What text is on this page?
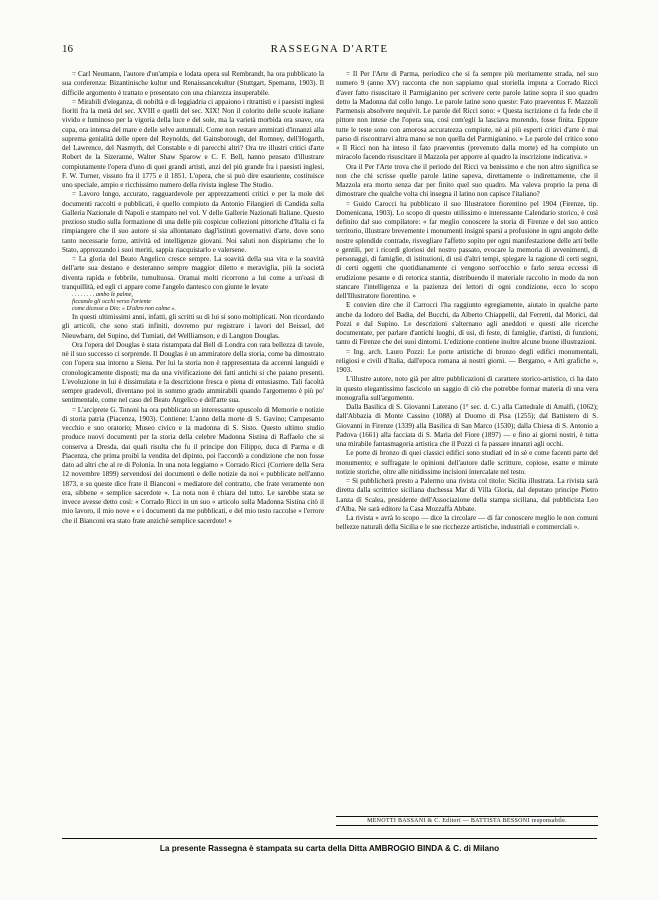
16	RASSEGNA D'ARTE

= Carl Neumann, l'autore d'un'ampia e lodata opera sul Rembrandt, ha ora pubblicato la sua conferenza: Bizantinische kultur und Renaissancekultur (Stuttgart, Spemann, 1903). Il difficile argomento è trattato e presentato con una chiarezza insuperabile.

= Mirabili d'eleganza, di nobiltà e di leggiadria ci appaiono i ritrattisti e i paesisti inglesi fioriti fra la metà del sec. XVIII e quelli del sec. XIX! Non il colorito delle scuole italiane vivido e luminoso per la vigoria della luce e del sole, ma la varietà morbida ora soave, ora cupa, ora intensa del mare e delle selve autunnali. Come non restare ammirati d'innanzi alla suprema genialità delle opere del Reynolds, del Gainsborough, del Romney, dell'Hogarth, del Lawrence, del Nasmyth, del Constable e di parecchi altri? Ora tre illustri critici d'arte Robert de la Sizeranne, Walter Shaw Sparow e C. F. Bell, hanno pensato d'illustrare compiutamente l'opera d'uno di quei grandi artisti, anzi del più grande fra i paesisti inglesi, F. W. Turner, vissuto fra il 1775 e il 1851. L'opera, che si può dire esauriente, costituisce uno speciale, ampio e ricchissimo numero della rivista inglese The Studio.

= Lavoro lungo, accurato, ragguardevole per apprezzamenti critici e per la mole dei documenti raccolti e pubblicati, è quello compiuto da Antonio Filangieri di Candida sulla Galleria Nazionale di Napoli e stampato nel vol. V delle Gallerie Nazionali Italiane. Questo prezioso studio sulla formazione di una delle più cospicue collezioni pittoriche d'Italia ci fa rimpiangere che il suo autore si sia allontanato dagl'istituti governativi d'arte, dove sono tanto necessarie forze, attività ed intelligenze giovani. Noi saluti non dispiriamo che lo Stato, apprezzando i suoi meriti, sappia riacquistarlo e valersene.

= La gloria del Beato Angelico cresce sempre. La soavità della sua vita e la soavità dell'arte sua destano e desteranno sempre maggior diletto e meraviglia, più la società diventa rapida e febbrile, tumultuosa. Oramai molti ricorrono a lui come a un'oasi di tranquillità, ed egli ci appare come l'angelo dantesco con giunte le levate

. . . . . . . . ambo le palme,
ficcando gli occhi verso l'oriente
come dicesse a Dio: « D'altro non calme ».

In questi ultimissimi anni, infatti, gli scritti su di lui si sono moltiplicati. Non ricordando gli articoli, che sono stati infiniti, dovremo pur registrare i lavori del Beissel, del Nieuwbarn, del Supino, del Tumiati, del Wellliamson, e di Langton Douglas.

Ora l'opera del Douglas è stata ristampata dal Bell di Londra con rara bellezza di tavole, nè il suo successo ci sorprende. Il Douglas è un ammiratore della storia, come ha dimostrato con l'opera sua intorno a Siena. Per lui la storia non è rappresentata da accenni languidi e cronologicamente disposti; ma da una vivificazione dei fatti antichi si che paiano presenti. L'evoluzione in lui è dissimulata e la descrizione fresca e piena di entusiasmo. Tali facoltà sempre gradevoli, diventano poi in sommo grado ammirabili quando l'argomento è più po' sentimentale, come nel caso del Beato Angelico e dell'arte sua.

= L'arciprete G. Tononi ha ora pubblicato un interessante opuscolo di Memorie e notizie di storia patria (Piacenza, 1903). Contiene: L'anno della morte di S. Gavino; Campesanto vecchio e suo oratorio; Museo civico e la madonna di S. Sisto. Questo ultimo studio produce nuovi documenti per la storia della celebre Madonna Sistina di Raffaelo che si conserva a Dresda, dai quali risulta che fu il principe don Filippo, duca di Parma e di Piacenza, che prima proibì la vendita del dipinto, poi l'accordò a condizione che non fosse dato ad altri che al re di Polonia. In una nota leggiamo « Corrado Ricci (Corriere della Sera 12 novembre 1899) servendosi dei documenti e delle notizie da noi « pubblicate nell'anno 1873, e su queste dice frate il Bianconi « mediatore del contratto, che frate veramente non era, sibbene « semplice sacerdote ». La nota non è chiara del tutto. Le sarebbe stata se invece avesse detto così: « Corrado Ricci in un suo « articolo sulla Madonna Sistina citò il mio lavoro, il mio nove « e i documenti da me pubblicati, e del mio testo raccolse « l'errore che il Bianconi era stato frate anzichè semplice sacerdote! »

= Il Per l'Arte di Parma, periodico che si fa sempre più meritamente strada, nel suo numero 9 (anno XV) racconta che non sappiamo qual storiella imputa a Corrado Ricci d'aver fatto risuscitare il Parmigianino per scrivere certe parole latine sopra il suo quadro detto la Madonna dal collo lungo. Le parole latine sono queste: Fato praeventus F. Mazzoli Parmensis absolvere nequivit. Le parole del Ricci sono: « Questa iscrizione ci fa fede che il pittore non intese che l'opera sua, così com'egli la lasciava morendo, fosse finita. Eppure tutte le teste sono con amorosa accuratezza compiute, nè ai più esperti critici d'arte è mai parso di riscontrarvi altra mano se non quella del Parmigianino. » Le parole del critico sono « Il Ricci non ha inteso il fato praeventus (prevenuto dalla morte) ed ha compiuto un miracolo facendo risuscitare il Mazzola per apporre al quadro la inscrizione indicativa. »

Ora il Per l'Arte trova che il periodo del Ricci va benissimo e che non altro significa se non che chi scrisse quelle parole latine sapeva, direttamente o indirettamente, che il Mazzola era morto senza dar per finito quel suo quadro. Ma valeva proprio la pena di dimostrare che qualche volta chi insegna il latino non capisce l'italiano?

= Guido Carocci ha pubblicato il suo Illustratore fiorentino pel 1904 (Firenze, tip. Domenicana, 1903). Lo scopo di questo utilissimo e interessante Calendario storico, è così definito dal suo compilatore: « far meglio conoscere la storia di Firenze e del suo antico territorio, illustrare brevemente i monumenti insigni sparsi a profusione in ogni angolo delle nostre splendide contrade, risvegliare l'affetto sopito per ogni manifestazione delle arti belle e gentili, per i ricordi gloriosi del nostro passato, evocare la memoria di avvenimenti, di personaggi, di famiglie, di istituzioni, di usi d'altri tempi, spiegare la ragione di certi segni, di certi oggetti che quotidianamente ci vengono sott'occhio e farlo senza eccessi di erudizione pesante e di retorica stantia, distribuendo il materiale raccolto in modo da non stancare l'intelligenza e la pazienza dei lettori di ogni condizione, ecco lo scopo dell'Illustratore fiorentino. »

E convien dire che il Carrocci l'ha raggiunto egregiamente, aiutato in qualche parte anche da Iodoro del Badia, del Bucchi, da Alberto Chiappelli, dal Ferretti, dal Morici, dal Pozzi e dal Supino. Le descrizioni s'alternano agli aneddoti e questi alle ricerche documentate, per parlare d'antichi luoghi, di usi, di feste, di famiglie, d'artisti, di funzioni, tanto di Firenze che dei suoi dintorni. L'edizione contiene inoltre alcune buone illustrazioni.

= Ing. arch. Lauro Pozzi: Le porte artistiche di bronzo degli edifici monumentali, religiosi e civili d'Italia, dall'epoca romana ai nostri giorni. — Bergamo, « Arti grafiche », 1903.

L'illustre autore, noto già per altre pubblicazioni di carattere storico-artistico, ci ha dato in questo elegantissimo fascicolo un saggio di ciò che potrebbe formar materia di una vera monografia sull'argomento.

Dalla Basilica di S. Giovanni Laterano (1° sec. d. C.) alla Cattedrale di Amalfi, (1062); dall'Abbazia di Monte Cassino (1088) al Duomo di Pisa (1255); dal Battistero di S. Giovanni in Firenze (1339) alla Basilica di San Marco (1530); dalla Chiesa di S. Antonio a Padova (1661) alla facciata di S. Maria del Fiore (1897) — e fino ai giorni nostri, è tutta una mirabile fantasmagoria artistica che il Pozzi ci fa passare innanzi agli occhi.

Le porte di bronzo di quei classici edifici sono studiati ed in sè e come facenti parte del monumento; e suffragate le opinioni dell'autore dalle scritture, copiose, esatte e minute notizie storiche, oltre alle nitidissime incisioni intercalate nel testo.

= Si pubblicherà presto a Palermo una rivista col titolo: Sicilia illustrata. La rivista sarà diretta dalla scrittrice siciliana duchessa Mar di Villa Gloria, dal deputato principe Pietro Lanza di Scalea, presidente dell'Associazione della stampa siciliana, dal pubblicista Leo d'Alba. Ne sarà editore la Casa Mozzaffa Abbate.

La rivista « avrà lo scopo — dice la circolare — di far conoscere meglio le non comuni bellezze naturali della Sicilia e le sue ricchezze artistiche, industriali e commerciali ».

MENOTTI BASSANI & C. Editori — BATTISTA BESSONI responsabile.
La presente Rassegna è stampata su carta della Ditta AMBROGIO BINDA & C. di Milano
